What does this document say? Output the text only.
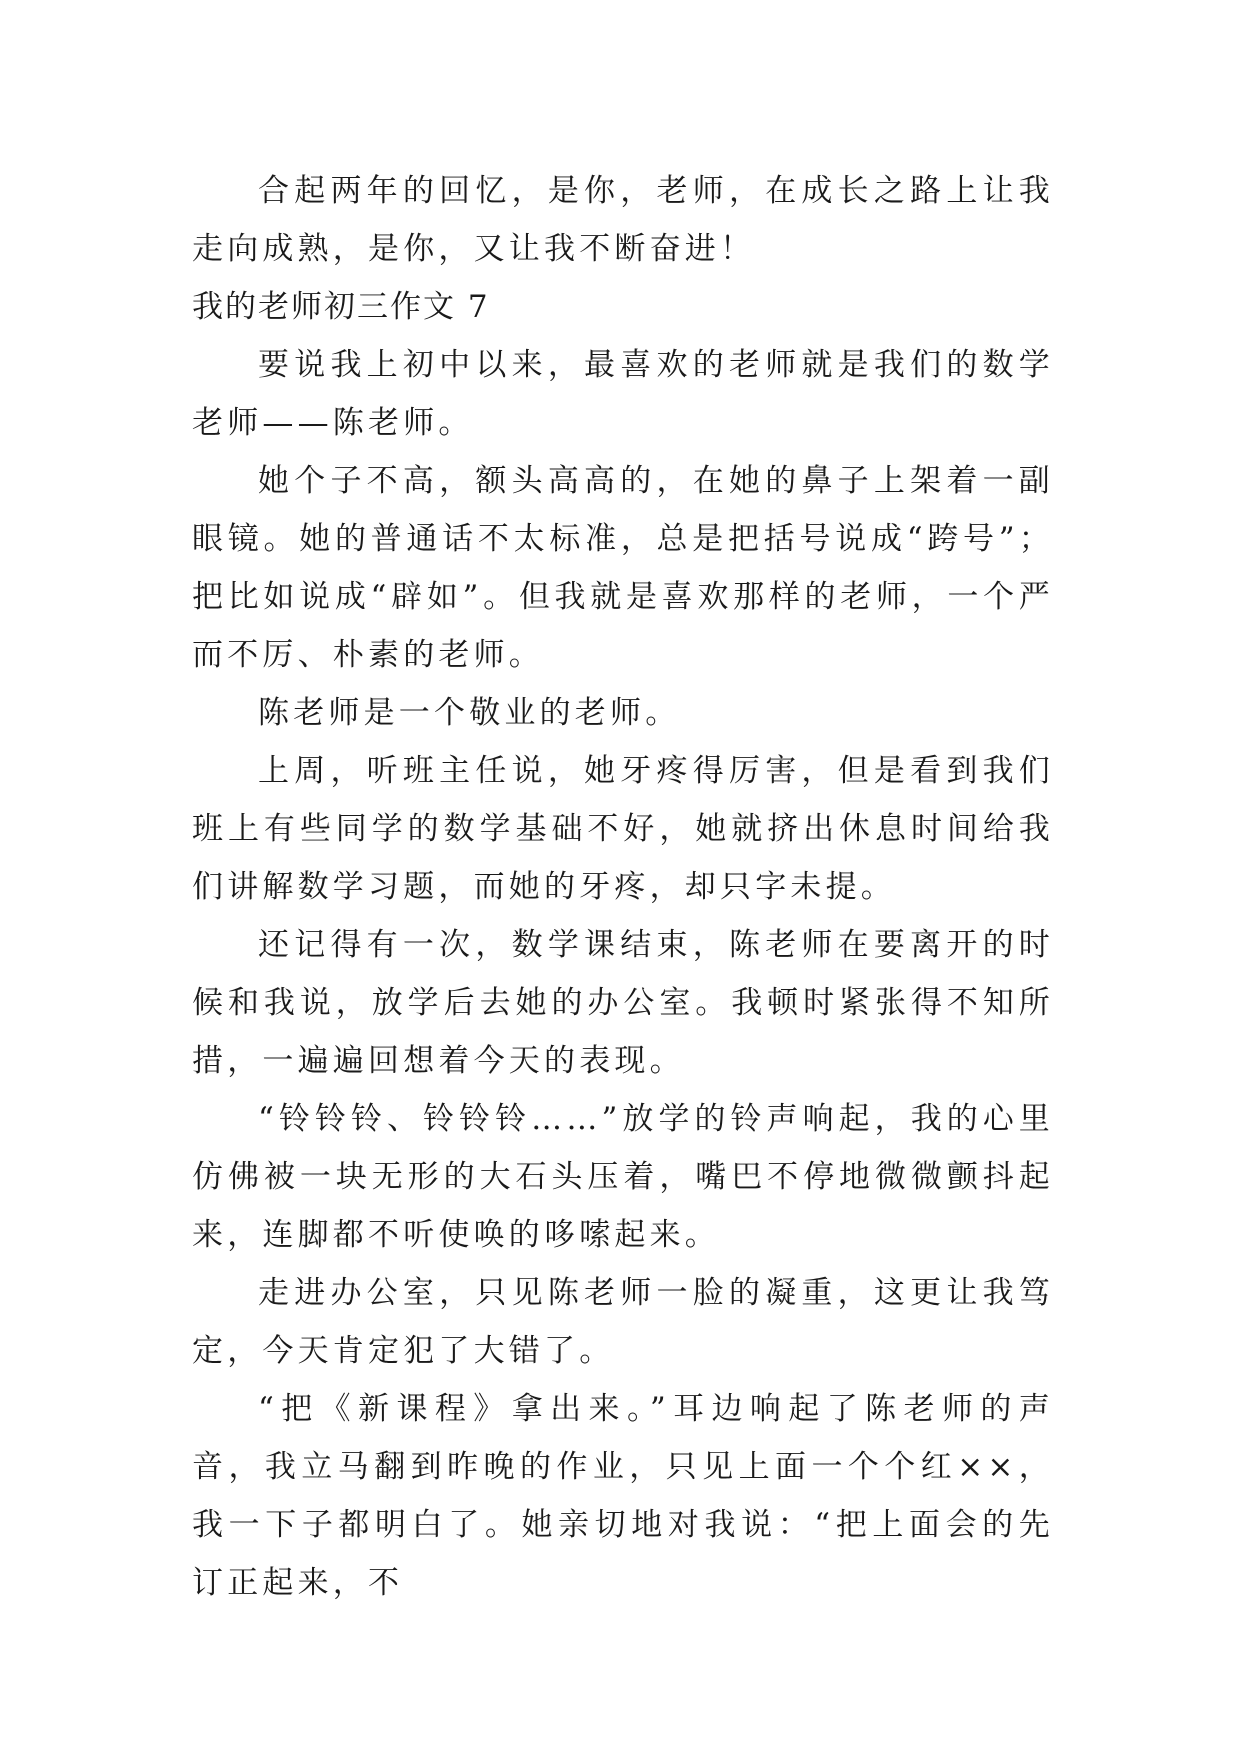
合起两年的回忆，是你，老师，在成长之路上让我走向成熟，是你，又让我不断奋进！

我的老师初三作文 7

要说我上初中以来，最喜欢的老师就是我们的数学老师——陈老师。

她个子不高，额头高高的，在她的鼻子上架着一副眼镜。她的普通话不太标准，总是把括号说成“跨号”；把比如说成“辟如”。但我就是喜欢那样的老师，一个严而不厉、朴素的老师。

陈老师是一个敬业的老师。

上周，听班主任说，她牙疼得厉害，但是看到我们班上有些同学的数学基础不好，她就挤出休息时间给我们讲解数学习题，而她的牙疼，却只字未提。

还记得有一次，数学课结束，陈老师在要离开的时候和我说，放学后去她的办公室。我顿时紧张得不知所措，一遍遍回想着今天的表现。

“铃铃铃、铃铃铃……”放学的铃声响起，我的心里仿佛被一块无形的大石头压着，嘴巴不停地微微颤抖起来，连脚都不听使唤的哆嗦起来。

走进办公室，只见陈老师一脸的凝重，这更让我笃定，今天肯定犯了大错了。

“把《新课程》拿出来。”耳边响起了陈老师的声音，我立马翻到昨晚的作业，只见上面一个个红××，我一下子都明白了。她亲切地对我说：“把上面会的先订正起来，不
